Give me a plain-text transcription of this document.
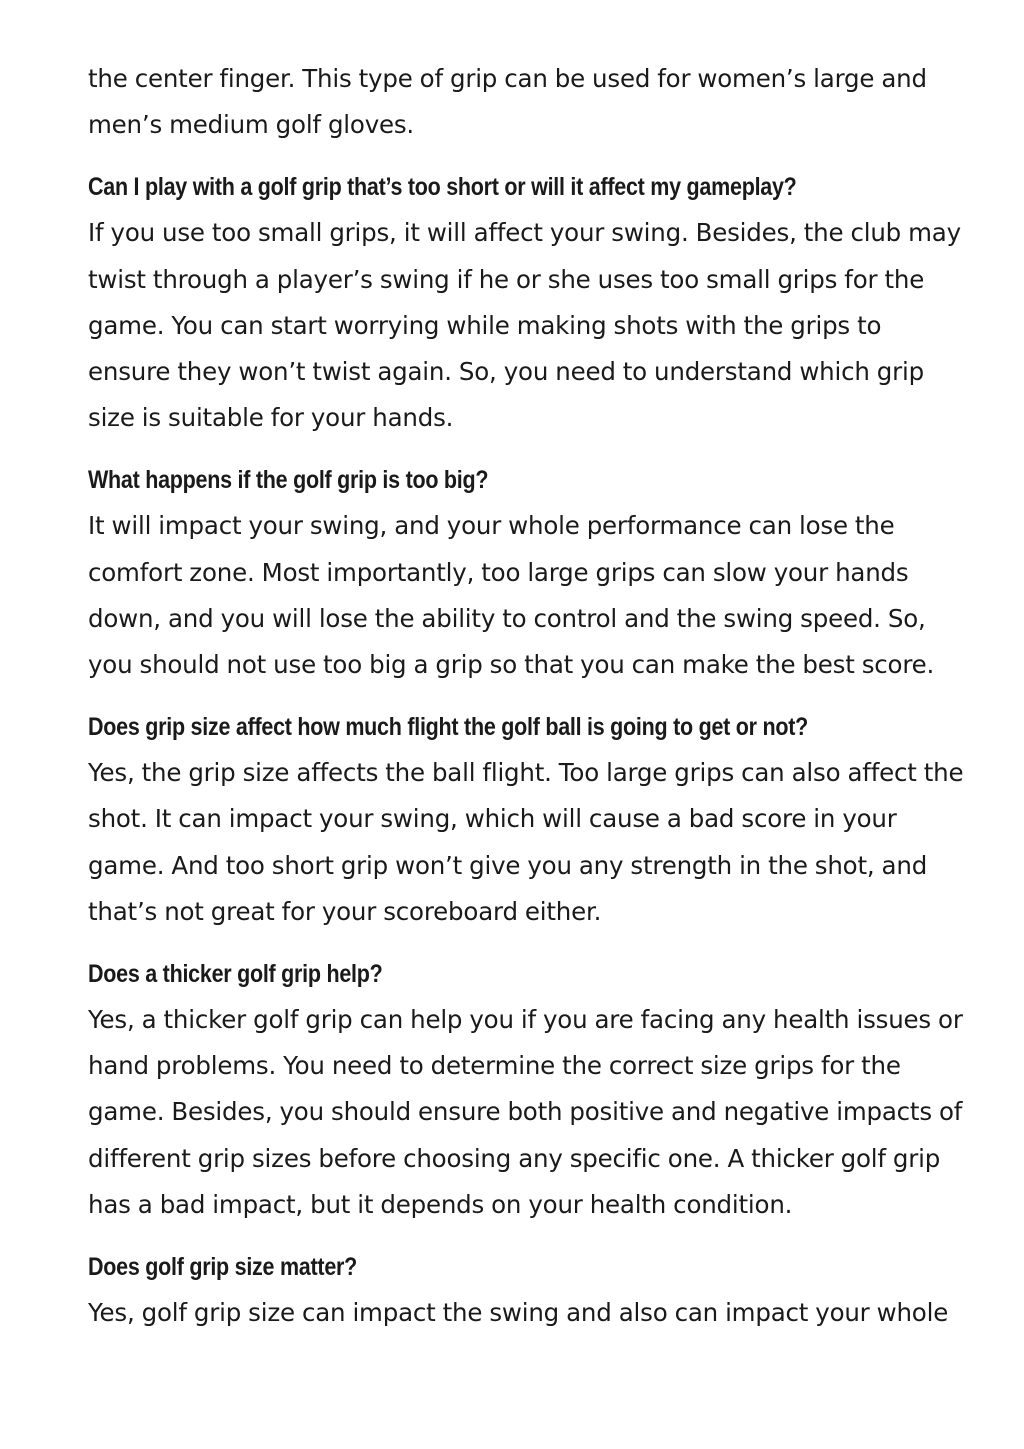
the center finger. This type of grip can be used for women’s large and men’s medium golf gloves.

Can I play with a golf grip that’s too short or will it affect my gameplay?

If you use too small grips, it will affect your swing. Besides, the club may twist through a player’s swing if he or she uses too small grips for the game. You can start worrying while making shots with the grips to ensure they won’t twist again. So, you need to understand which grip size is suitable for your hands.

What happens if the golf grip is too big?

It will impact your swing, and your whole performance can lose the comfort zone. Most importantly, too large grips can slow your hands down, and you will lose the ability to control and the swing speed. So, you should not use too big a grip so that you can make the best score.

Does grip size affect how much flight the golf ball is going to get or not?

Yes, the grip size affects the ball flight. Too large grips can also affect the shot. It can impact your swing, which will cause a bad score in your game. And too short grip won’t give you any strength in the shot, and that’s not great for your scoreboard either.

Does a thicker golf grip help?

Yes, a thicker golf grip can help you if you are facing any health issues or hand problems. You need to determine the correct size grips for the game. Besides, you should ensure both positive and negative impacts of different grip sizes before choosing any specific one. A thicker golf grip has a bad impact, but it depends on your health condition.

Does golf grip size matter?

Yes, golf grip size can impact the swing and also can impact your whole
